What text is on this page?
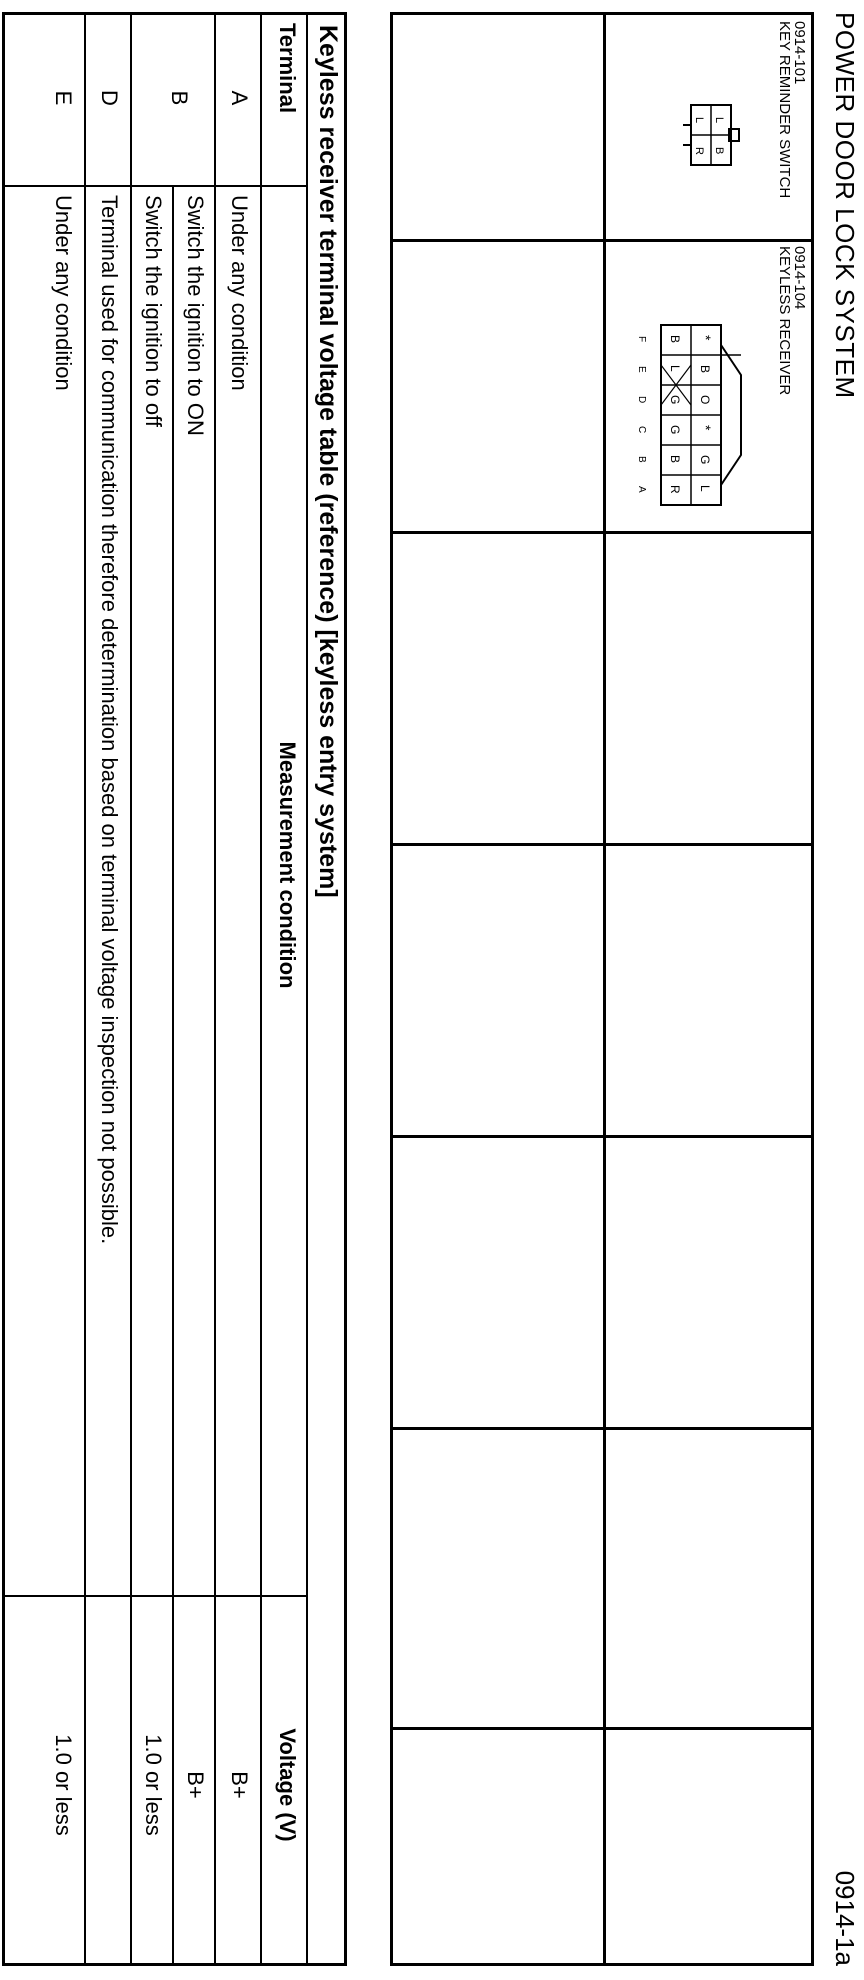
POWER DOOR LOCK SYSTEM
0914-1a
0914-101
KEY REMINDER SWITCH
L
B
L
R
0914-104
KEYLESS RECEIVER
*
B
O
*
G
L
B
L
G
G
B
R
F
E
D
C
B
A
Keyless receiver terminal voltage table (reference) [keyless entry system]
Terminal
Measurement condition
Voltage (V)
A
Under any condition
B+
B
Switch the ignition to ON
B+
Switch the ignition to off
1.0 or less
D
Terminal used for communication therefore determination based on terminal voltage inspection not possible.
E
Under any condition
1.0 or less
